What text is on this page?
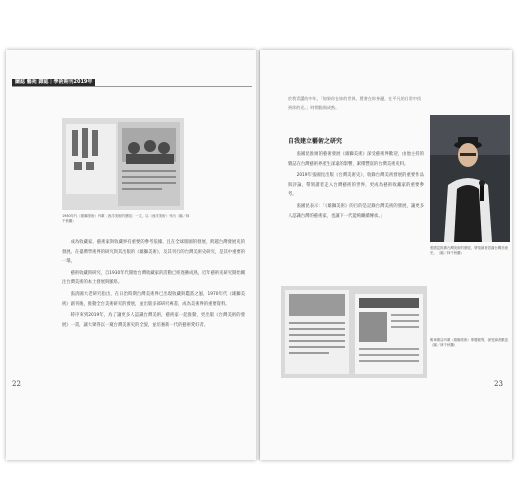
圖誌 藝苑 雜誌｜學術期刊2019年
1980年代《雄獅美術》刊載〈西洋美術的發展〉一文，以《西洋美術》刊出（圖／林千秋攝）

成為收藏家，藝術家與收藏界有重要的參考依據，且在全球版圖的發展，跨越台灣發展史的發展。在臺灣學術界的研究與其出版的《雄獅美術》，及其刊行的台灣美術史研究，是其中重要的一環。

藝術收藏與研究，自1930年代開始台灣收藏家的活動已經逐漸成熟，近年藝術史研究開始關注台灣美術的本土發展與脈絡。

張清國大老研究指出，在日治時期台灣美術界已出現收藏與鑑賞之風，1970年代《雄獅美術》創刊後，推動全台美術研究的發展，並出版多部研究專書，成為美術界的重要資料。

時序來到2019年，為了讓更多人認識台灣美術，藝術家一起推動，更出版《台灣美術的發展》一書，讓大眾得以一窺台灣美術史的全貌，並培養新一代的藝術愛好者。

22
於我青澀的中年，「如果你在妳的世界，將會在妳身邊，在平凡的日常中找到你的光。」時間點與成熟。
自我建立藝術之研究

張國昆推廣的藝術發展《雄獅美術》深受藝術界歡迎，由他主持的雜誌在台灣藝術界產生深遠的影響，累積豐富的台灣美術史料。

2019年張國昆出版《台灣美術史》，收錄台灣美術發展的重要作品與評論，帶領讀者走入台灣藝術的世界，更成為藝術收藏家的重要參考。

張國昆表示：「《雄獅美術》的目的是記錄台灣美術的發展，讓更多人認識台灣的藝術家，也讓下一代能夠繼續傳承。」

張國昆推廣台灣美術的發展，帶領讀者認識台灣美術史。（圖／林千秋攝）
報章雜誌刊載《雄獅美術》專題報導，深受讀者歡迎（圖／林千秋攝）
23
